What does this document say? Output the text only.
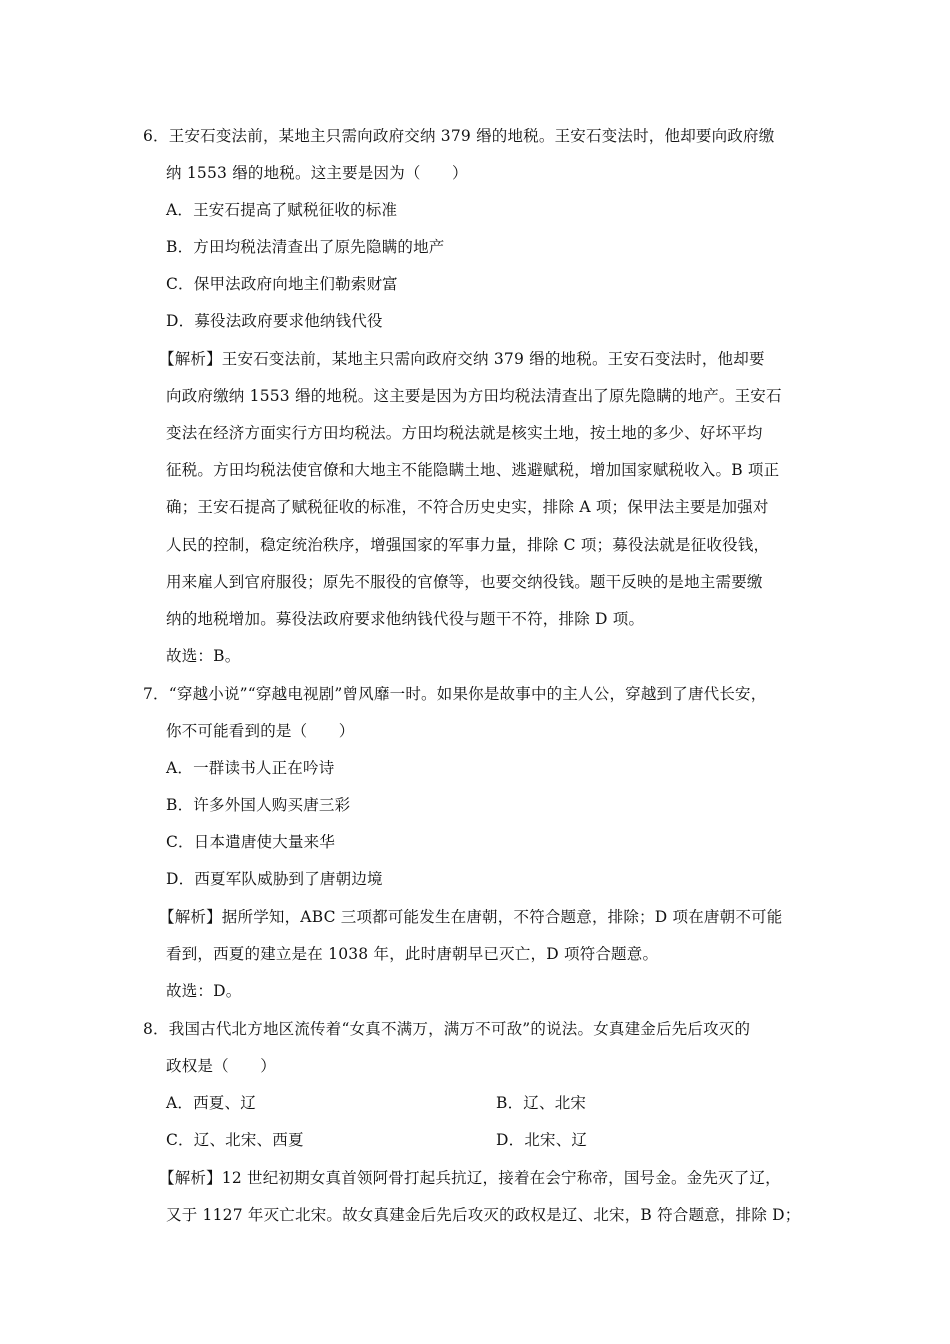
6．王安石变法前，某地主只需向政府交纳 379 缗的地税。王安石变法时，他却要向政府缴
纳 1553 缗的地税。这主要是因为（　　）
A．王安石提高了赋税征收的标准
B．方田均税法清查出了原先隐瞒的地产
C．保甲法政府向地主们勒索财富
D．募役法政府要求他纳钱代役
【解析】王安石变法前，某地主只需向政府交纳 379 缗的地税。王安石变法时，他却要
向政府缴纳 1553 缗的地税。这主要是因为方田均税法清查出了原先隐瞒的地产。王安石
变法在经济方面实行方田均税法。方田均税法就是核实土地，按土地的多少、好坏平均
征税。方田均税法使官僚和大地主不能隐瞒土地、逃避赋税，增加国家赋税收入。B 项正
确；王安石提高了赋税征收的标准，不符合历史史实，排除 A 项；保甲法主要是加强对
人民的控制，稳定统治秩序，增强国家的军事力量，排除 C 项；募役法就是征收役钱，
用来雇人到官府服役；原先不服役的官僚等，也要交纳役钱。题干反映的是地主需要缴
纳的地税增加。募役法政府要求他纳钱代役与题干不符，排除 D 项。
故选：B。
7．“穿越小说”“穿越电视剧”曾风靡一时。如果你是故事中的主人公，穿越到了唐代长安，
你不可能看到的是（　　）
A．一群读书人正在吟诗
B．许多外国人购买唐三彩
C．日本遣唐使大量来华
D．西夏军队威胁到了唐朝边境
【解析】据所学知，ABC 三项都可能发生在唐朝，不符合题意，排除；D 项在唐朝不可能
看到，西夏的建立是在 1038 年，此时唐朝早已灭亡，D 项符合题意。
故选：D。
8．我国古代北方地区流传着“女真不满万，满万不可敌”的说法。女真建金后先后攻灭的
政权是（　　）
A．西夏、辽	B．辽、北宋
C．辽、北宋、西夏	D．北宋、辽
【解析】12 世纪初期女真首领阿骨打起兵抗辽，接着在会宁称帝，国号金。金先灭了辽，
又于 1127 年灭亡北宋。故女真建金后先后攻灭的政权是辽、北宋，B 符合题意，排除 D；
